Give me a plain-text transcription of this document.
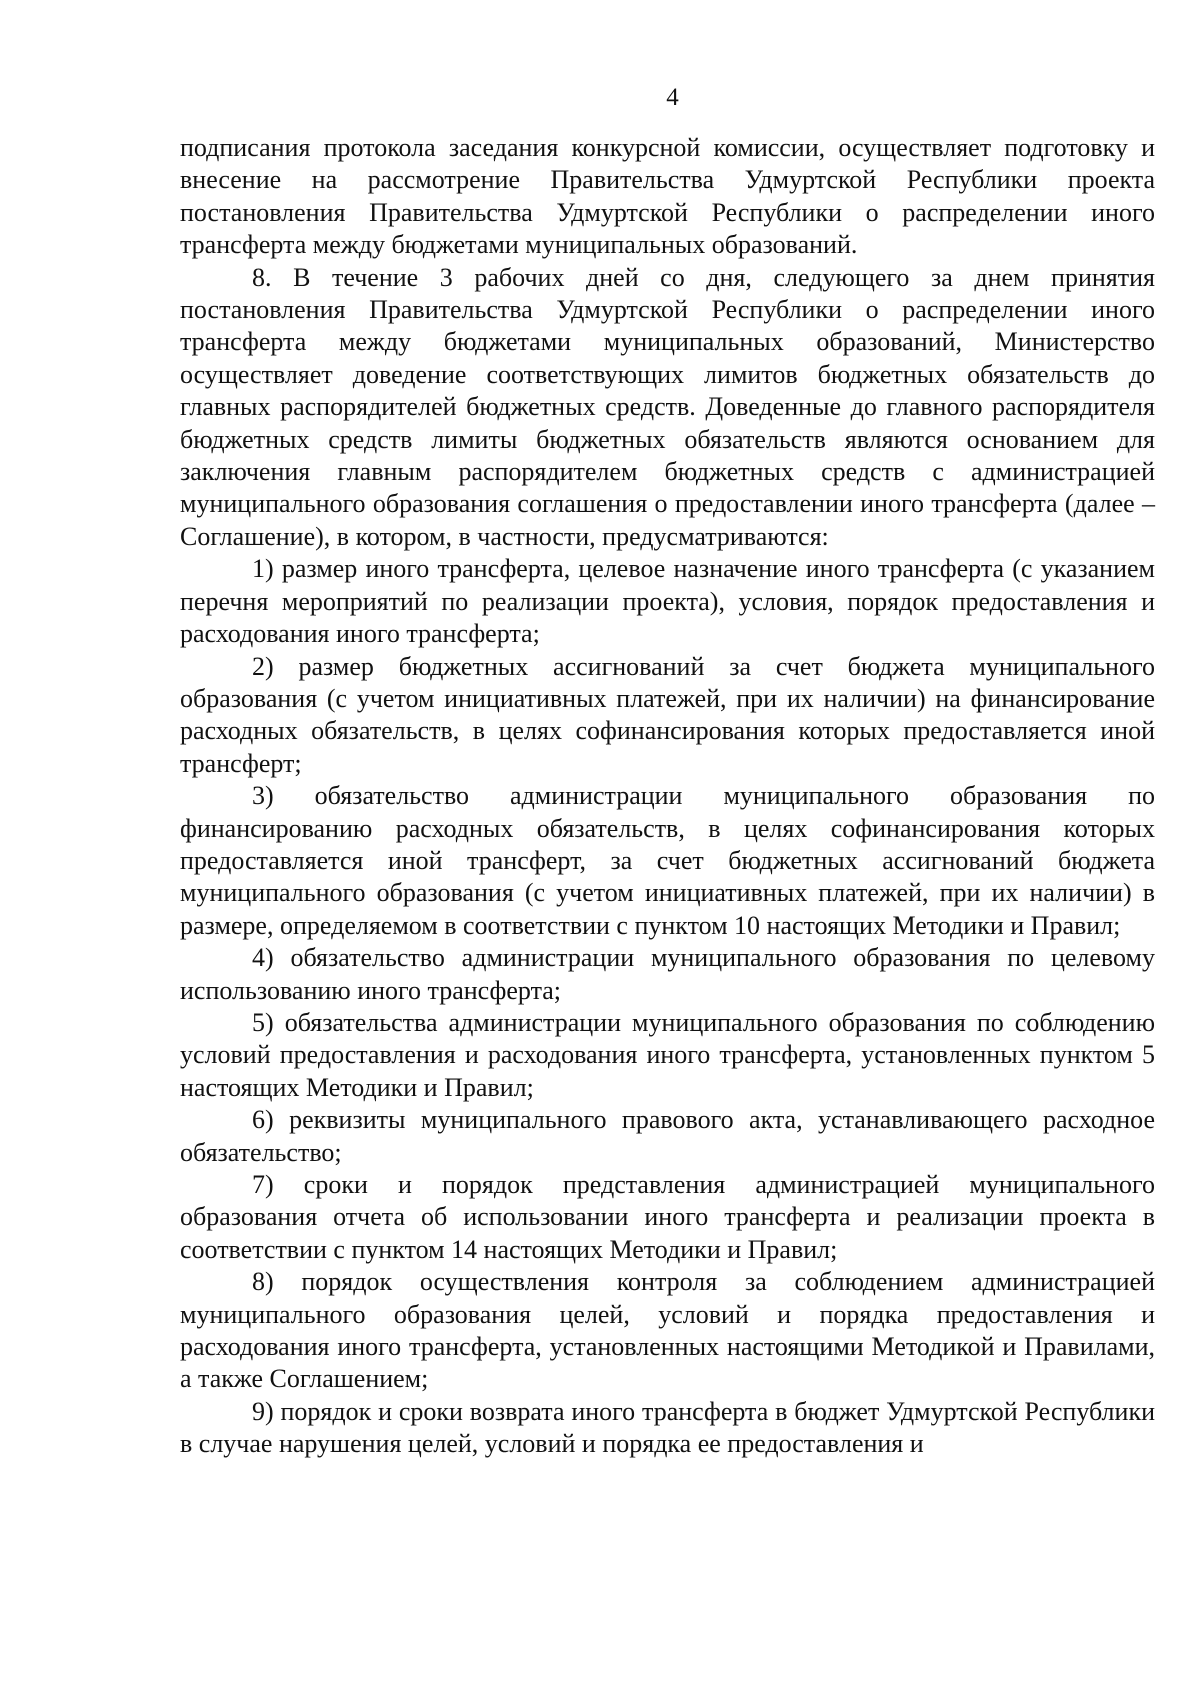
4

подписания протокола заседания конкурсной комиссии, осуществляет подготовку и внесение на рассмотрение Правительства Удмуртской Республики проекта постановления Правительства Удмуртской Республики о распределении иного трансферта между бюджетами муниципальных образований.

8. В течение 3 рабочих дней со дня, следующего за днем принятия постановления Правительства Удмуртской Республики о распределении иного трансферта между бюджетами муниципальных образований, Министерство осуществляет доведение соответствующих лимитов бюджетных обязательств до главных распорядителей бюджетных средств. Доведенные до главного распорядителя бюджетных средств лимиты бюджетных обязательств являются основанием для заключения главным распорядителем бюджетных средств с администрацией муниципального образования соглашения о предоставлении иного трансферта (далее – Соглашение), в котором, в частности, предусматриваются:

1) размер иного трансферта, целевое назначение иного трансферта (с указанием перечня мероприятий по реализации проекта), условия, порядок предоставления и расходования иного трансферта;

2) размер бюджетных ассигнований за счет бюджета муниципального образования (с учетом инициативных платежей, при их наличии) на финансирование расходных обязательств, в целях софинансирования которых предоставляется иной трансферт;

3) обязательство администрации муниципального образования по финансированию расходных обязательств, в целях софинансирования которых предоставляется иной трансферт, за счет бюджетных ассигнований бюджета муниципального образования (с учетом инициативных платежей, при их наличии) в размере, определяемом в соответствии с пунктом 10 настоящих Методики и Правил;

4) обязательство администрации муниципального образования по целевому использованию иного трансферта;

5) обязательства администрации муниципального образования по соблюдению условий предоставления и расходования иного трансферта, установленных пунктом 5 настоящих Методики и Правил;

6) реквизиты муниципального правового акта, устанавливающего расходное обязательство;

7) сроки и порядок представления администрацией муниципального образования отчета об использовании иного трансферта и реализации проекта в соответствии с пунктом 14 настоящих Методики и Правил;

8) порядок осуществления контроля за соблюдением администрацией муниципального образования целей, условий и порядка предоставления и расходования иного трансферта, установленных настоящими Методикой и Правилами, а также Соглашением;

9) порядок и сроки возврата иного трансферта в бюджет Удмуртской Республики в случае нарушения целей, условий и порядка ее предоставления и
